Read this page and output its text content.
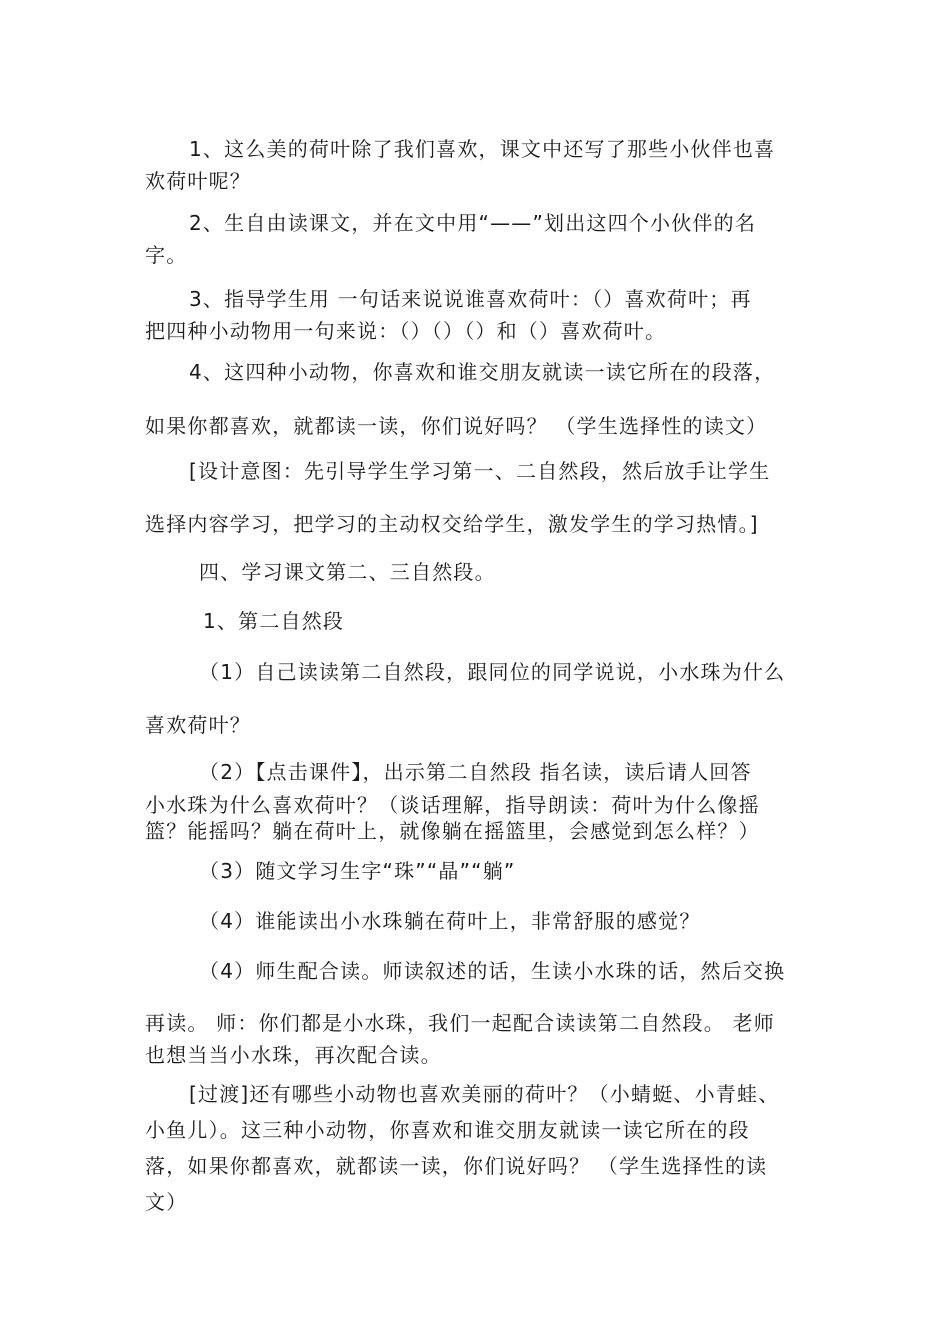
1、这么美的荷叶除了我们喜欢，课文中还写了那些小伙伴也喜
欢荷叶呢？
2、生自由读课文，并在文中用“——”划出这四个小伙伴的名
字。
3、指导学生用 一句话来说说谁喜欢荷叶：（）喜欢荷叶；再
把四种小动物用一句来说：（）（）（）和（）喜欢荷叶。
4、这四种小动物，你喜欢和谁交朋友就读一读它所在的段落，
如果你都喜欢，就都读一读，你们说好吗？ （学生选择性的读文）
[设计意图：先引导学生学习第一、二自然段，然后放手让学生
选择内容学习，把学习的主动权交给学生，激发学生的学习热情。]
四、学习课文第二、三自然段。
1、第二自然段
（1）自己读读第二自然段，跟同位的同学说说，小水珠为什么
喜欢荷叶？
（2）【点击课件】，出示第二自然段 指名读，读后请人回答
小水珠为什么喜欢荷叶？（谈话理解，指导朗读：荷叶为什么像摇
篮？能摇吗？躺在荷叶上，就像躺在摇篮里，会感觉到怎么样？）
（3）随文学习生字“珠”“晶”“躺”
（4）谁能读出小水珠躺在荷叶上，非常舒服的感觉？
（4）师生配合读。师读叙述的话，生读小水珠的话，然后交换
再读。 师：你们都是小水珠，我们一起配合读读第二自然段。 老师
也想当当小水珠，再次配合读。
[过渡]还有哪些小动物也喜欢美丽的荷叶？（小蜻蜓、小青蛙、
小鱼儿）。这三种小动物，你喜欢和谁交朋友就读一读它所在的段
落，如果你都喜欢，就都读一读，你们说好吗？ （学生选择性的读
文）
